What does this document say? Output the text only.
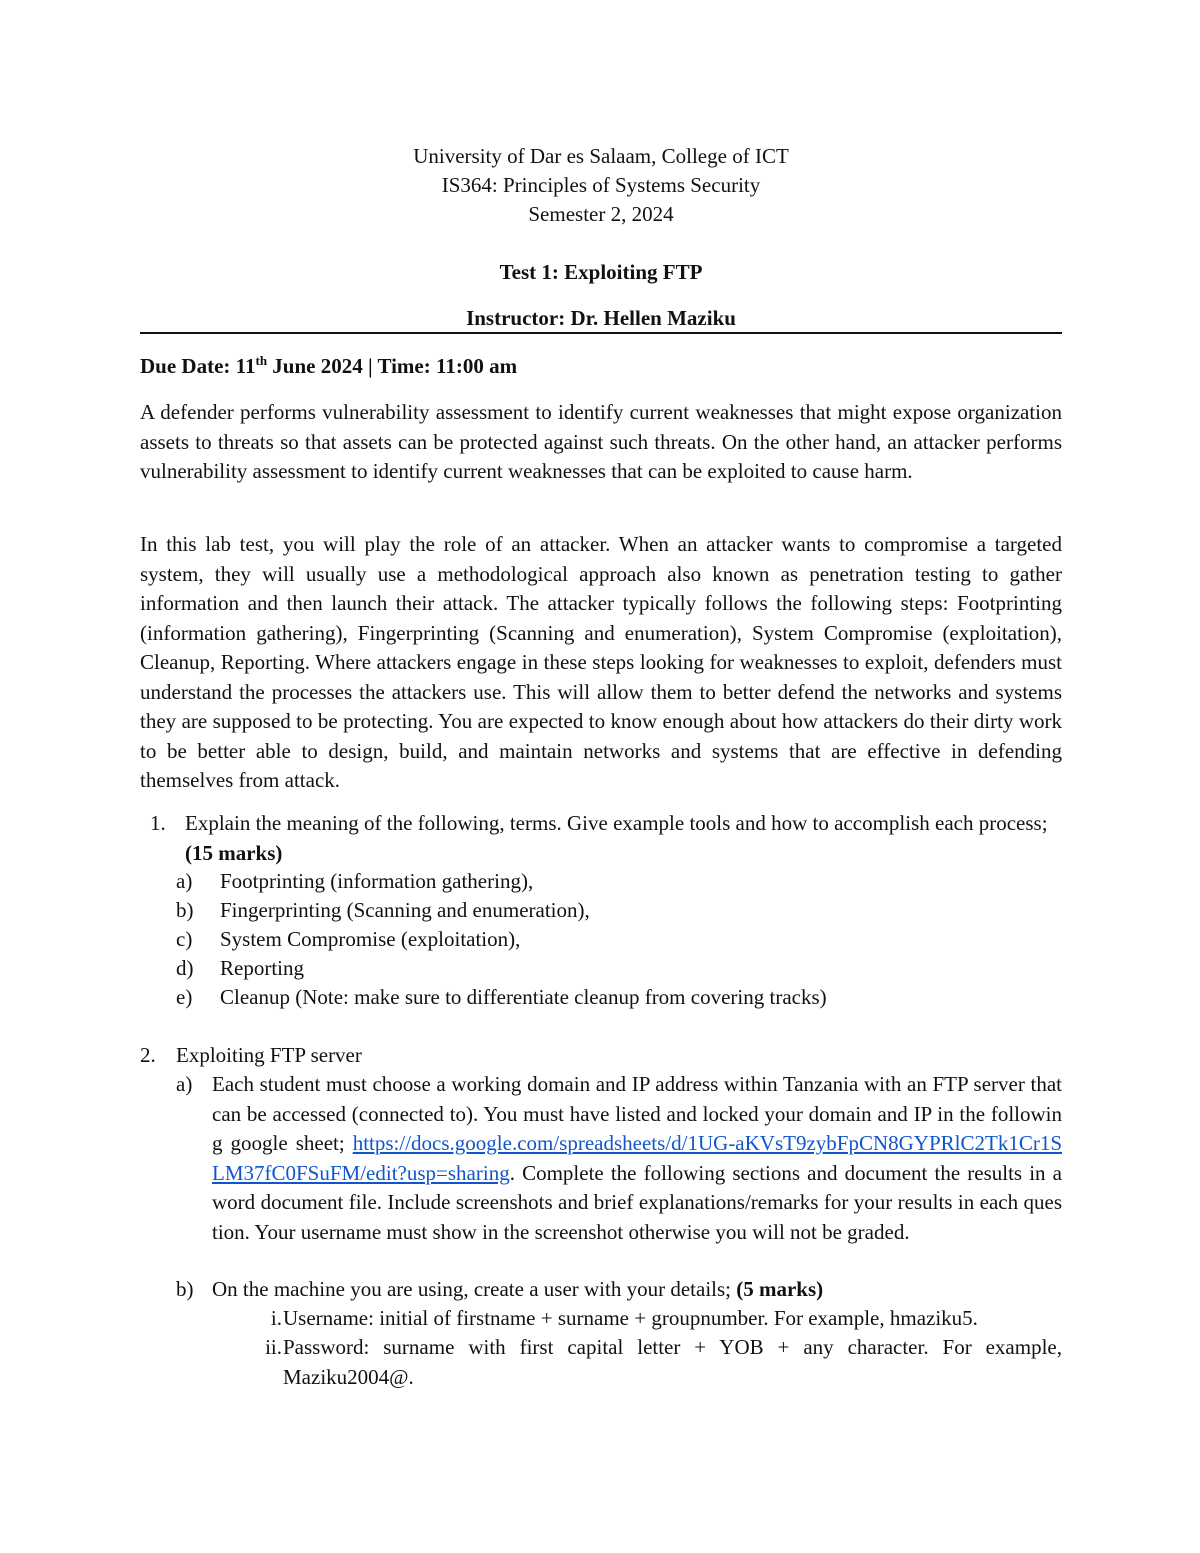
University of Dar es Salaam, College of ICT
IS364: Principles of Systems Security
Semester 2, 2024
Test 1: Exploiting FTP
Instructor: Dr. Hellen Maziku
Due Date: 11th June 2024 | Time: 11:00 am
A defender performs vulnerability assessment to identify current weaknesses that might expose organization assets to threats so that assets can be protected against such threats. On the other hand, an attacker performs vulnerability assessment to identify current weaknesses that can be exploited to cause harm.
In this lab test, you will play the role of an attacker. When an attacker wants to compromise a targeted system, they will usually use a methodological approach also known as penetration testing to gather information and then launch their attack. The attacker typically follows the following steps: Footprinting (information gathering), Fingerprinting (Scanning and enumeration), System Compromise (exploitation), Cleanup, Reporting. Where attackers engage in these steps looking for weaknesses to exploit, defenders must understand the processes the attackers use. This will allow them to better defend the networks and systems they are supposed to be protecting. You are expected to know enough about how attackers do their dirty work to be better able to design, build, and maintain networks and systems that are effective in defending themselves from attack.
1. Explain the meaning of the following, terms. Give example tools and how to accomplish each process; (15 marks)
a) Footprinting (information gathering),
b) Fingerprinting (Scanning and enumeration),
c) System Compromise (exploitation),
d) Reporting
e) Cleanup (Note: make sure to differentiate cleanup from covering tracks)
2. Exploiting FTP server
a) Each student must choose a working domain and IP address within Tanzania with an FTP server that can be accessed (connected to). You must have listed and locked your domain and IP in the following google sheet; https://docs.google.com/spreadsheets/d/1UG-aKVsT9zybFpCN8GYPRlC2Tk1Cr1SLM37fC0FSuFM/edit?usp=sharing. Complete the following sections and document the results in a word document file. Include screenshots and brief explanations/remarks for your results in each question. Your username must show in the screenshot otherwise you will not be graded.
b) On the machine you are using, create a user with your details; (5 marks)
i. Username: initial of firstname + surname + groupnumber. For example, hmaziku5.
ii. Password: surname with first capital letter + YOB + any character. For example, Maziku2004@.
